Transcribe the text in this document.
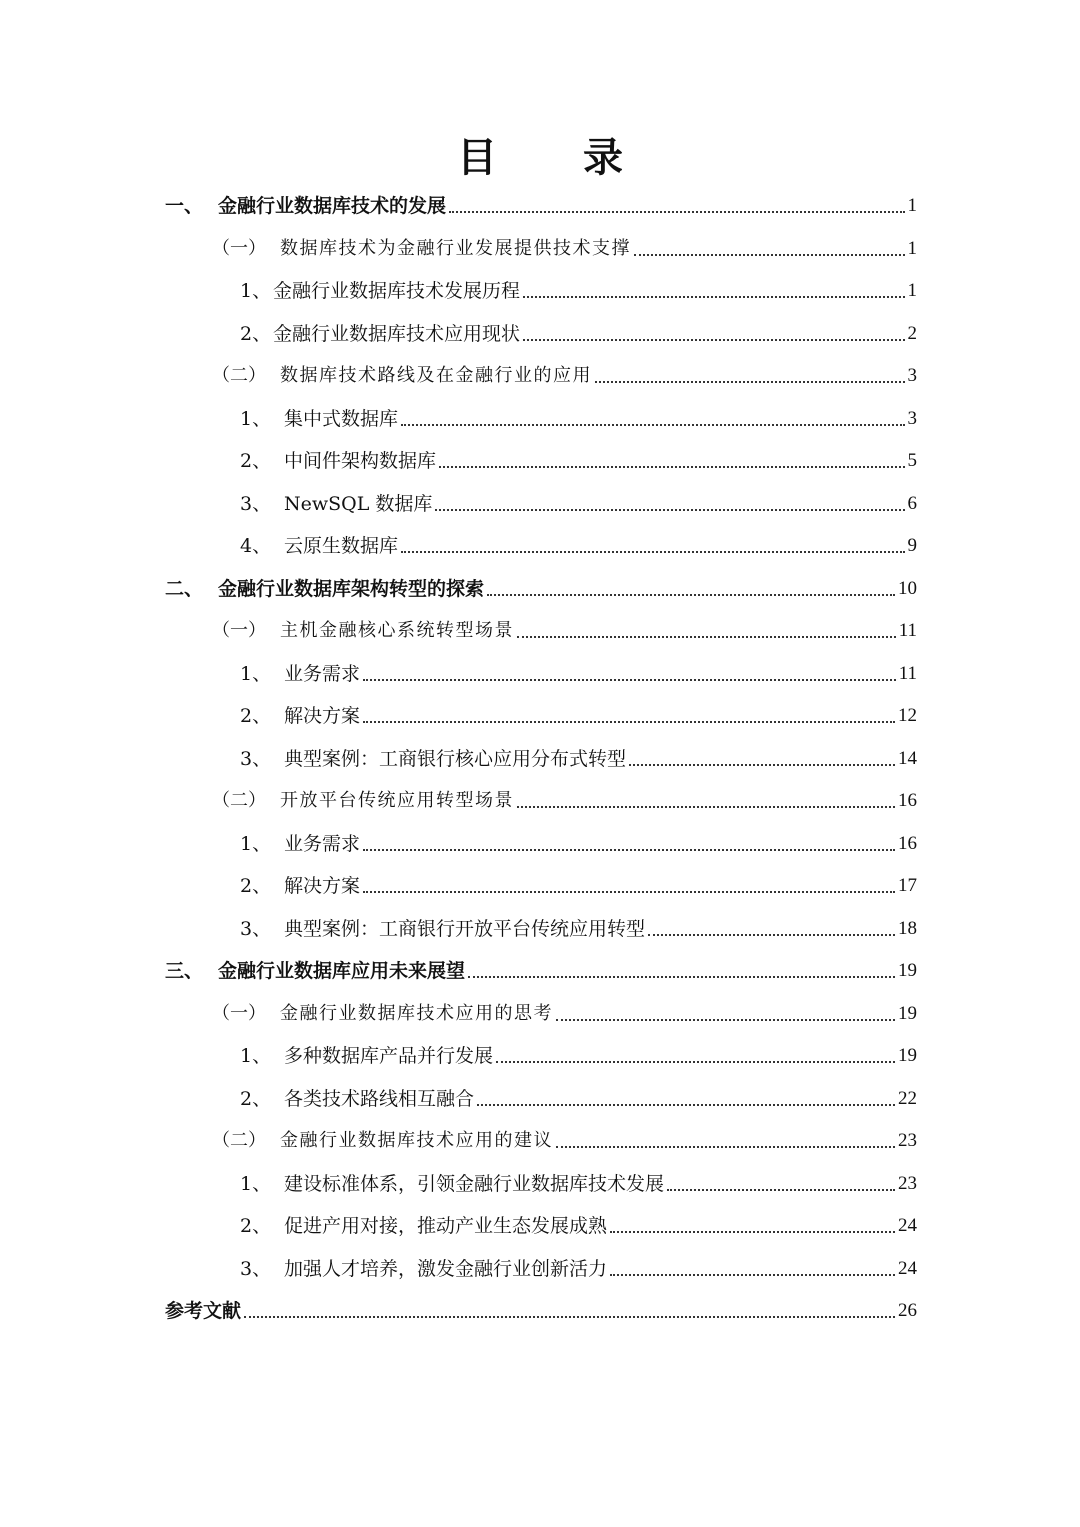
目 录
一、 金融行业数据库技术的发展	1
（一） 数据库技术为金融行业发展提供技术支撑	1
1、 金融行业数据库技术发展历程	1
2、 金融行业数据库技术应用现状	2
（二） 数据库技术路线及在金融行业的应用	3
1、 集中式数据库	3
2、 中间件架构数据库	5
3、 NewSQL 数据库	6
4、 云原生数据库	9
二、 金融行业数据库架构转型的探索	10
（一） 主机金融核心系统转型场景	11
1、 业务需求	11
2、 解决方案	12
3、 典型案例：工商银行核心应用分布式转型	14
（二） 开放平台传统应用转型场景	16
1、 业务需求	16
2、 解决方案	17
3、 典型案例：工商银行开放平台传统应用转型	18
三、 金融行业数据库应用未来展望	19
（一） 金融行业数据库技术应用的思考	19
1、 多种数据库产品并行发展	19
2、 各类技术路线相互融合	22
（二） 金融行业数据库技术应用的建议	23
1、 建设标准体系，引领金融行业数据库技术发展	23
2、 促进产用对接，推动产业生态发展成熟	24
3、 加强人才培养，激发金融行业创新活力	24
参考文献	26
